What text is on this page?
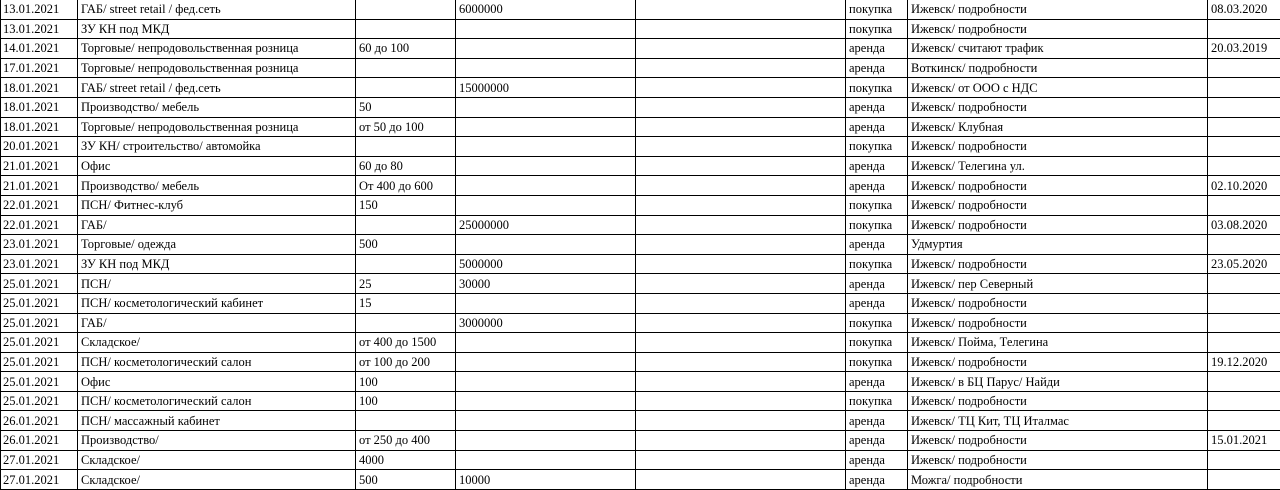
13.01.2021	ГАБ/ street retail / фед.сеть		6000000			покупка	Ижевск/ подробности	08.03.2020
13.01.2021	ЗУ КН под МКД					покупка	Ижевск/ подробности	
14.01.2021	Торговые/ непродовольственная розница	60 до 100				аренда	Ижевск/ считают трафик	20.03.2019
17.01.2021	Торговые/ непродовольственная розница					аренда	Воткинск/ подробности	
18.01.2021	ГАБ/ street retail / фед.сеть		15000000			покупка	Ижевск/ от ООО с НДС	
18.01.2021	Производство/ мебель	50				аренда	Ижевск/ подробности	
18.01.2021	Торговые/ непродовольственная розница	от 50 до 100				аренда	Ижевск/ Клубная	
20.01.2021	ЗУ КН/ строительство/ автомойка					покупка	Ижевск/ подробности	
21.01.2021	Офис	60 до 80				аренда	Ижевск/ Телегина ул.	
21.01.2021	Производство/ мебель	От 400 до 600				аренда	Ижевск/ подробности	02.10.2020
22.01.2021	ПСН/ Фитнес-клуб	150				покупка	Ижевск/ подробности	
22.01.2021	ГАБ/		25000000			покупка	Ижевск/ подробности	03.08.2020
23.01.2021	Торговые/ одежда	500				аренда	Удмуртия	
23.01.2021	ЗУ КН под МКД		5000000			покупка	Ижевск/ подробности	23.05.2020
25.01.2021	ПСН/	25	30000			аренда	Ижевск/ пер Северный	
25.01.2021	ПСН/ косметологический кабинет	15				аренда	Ижевск/ подробности	
25.01.2021	ГАБ/		3000000			покупка	Ижевск/ подробности	
25.01.2021	Складское/	от 400 до 1500				покупка	Ижевск/ Пойма, Телегина	
25.01.2021	ПСН/ косметологический салон	от 100 до 200				покупка	Ижевск/ подробности	19.12.2020
25.01.2021	Офис	100				аренда	Ижевск/ в БЦ Парус/ Найди	
25.01.2021	ПСН/ косметологический салон	100				покупка	Ижевск/ подробности	
26.01.2021	ПСН/ массажный кабинет					аренда	Ижевск/ ТЦ Кит, ТЦ Италмас	
26.01.2021	Производство/	от 250 до 400				аренда	Ижевск/ подробности	15.01.2021
27.01.2021	Складское/	4000				аренда	Ижевск/ подробности	
27.01.2021	Складское/	500	10000			аренда	Можга/ подробности	
